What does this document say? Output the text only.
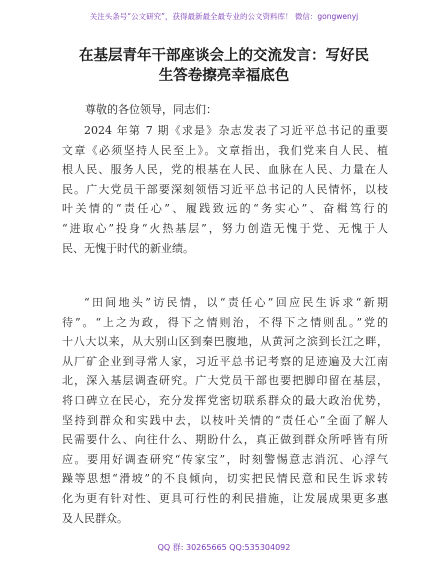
关注头条号“公文研究”，获得最新最全最专业的公文资料库！ 微信：gongwenyj
在基层青年干部座谈会上的交流发言：写好民
生答卷擦亮幸福底色
尊敬的各位领导，同志们：
2024 年第 7 期《求是》杂志发表了习近平总书记的重要
文章《必须坚持人民至上》。文章指出，我们党来自人民、植
根人民、服务人民，党的根基在人民、血脉在人民、力量在人
民。广大党员干部要深刻领悟习近平总书记的人民情怀，以枝
叶关情的“责任心”、履践致远的“务实心”、奋楫笃行的
“进取心”投身“火热基层”，努力创造无愧于党、无愧于人
民、无愧于时代的新业绩。
“田间地头”访民情，以“责任心”回应民生诉求“新期
待”。“上之为政，得下之情则治，不得下之情则乱。”党的
十八大以来，从大别山区到秦巴腹地，从黄河之滨到长江之畔，
从厂矿企业到寻常人家，习近平总书记考察的足迹遍及大江南
北，深入基层调查研究。广大党员干部也要把脚印留在基层，
将口碑立在民心，充分发挥党密切联系群众的最大政治优势，
坚持到群众和实践中去，以枝叶关情的“责任心”全面了解人
民需要什么、向往什么、期盼什么，真正做到群众所呼皆有所
应。要用好调查研究“传家宝”，时刻警惕意志消沉、心浮气
躁等思想“滑坡”的不良倾向，切实把民情民意和民生诉求转
化为更有针对性、更具可行性的利民措施，让发展成果更多惠
及人民群众。
QQ 群: 30265665 QQ:535304092
